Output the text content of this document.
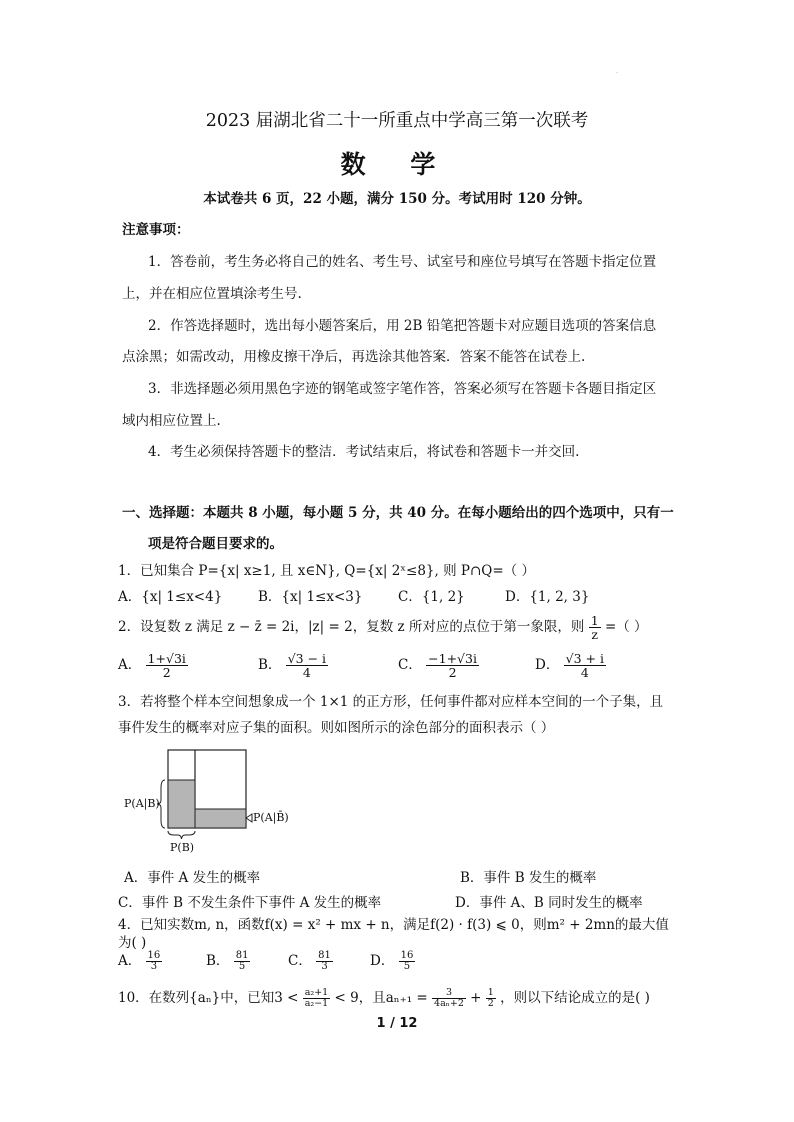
·
2023 届湖北省二十一所重点中学高三第一次联考
数 学
本试卷共 6 页，22 小题，满分 150 分。考试用时 120 分钟。
注意事项：
1．答卷前，考生务必将自己的姓名、考生号、试室号和座位号填写在答题卡指定位置
上，并在相应位置填涂考生号.
2．作答选择题时，选出每小题答案后，用 2B 铅笔把答题卡对应题目选项的答案信息
点涂黑；如需改动，用橡皮擦干净后，再选涂其他答案．答案不能答在试卷上.
3．非选择题必须用黑色字迹的钢笔或签字笔作答，答案必须写在答题卡各题目指定区
域内相应位置上.
4．考生必须保持答题卡的整洁．考试结束后，将试卷和答题卡一并交回.
一、选择题：本题共 8 小题，每小题 5 分，共 40 分。在每小题给出的四个选项中，只有一
项是符合题目要求的。
1．已知集合 P={x| x≥1, 且 x∈N}, Q={x| 2ˣ≤8}, 则 P∩Q=（ ）
A．{x| 1≤x<4}	B．{x| 1≤x<3}	C．{1, 2}	D．{1, 2, 3}
2．设复数 z 满足 z − z̄ = 2i，|z| = 2，复数 z 所对应的点位于第一象限，则 $\frac{1}{z}$ =（ ）
A． $\frac{1+√3i}{2}$	B． $\frac{√3 - i}{4}$	C． $\frac{-1+√3i}{2}$	D． $\frac{√3 + i}{4}$
3．若将整个样本空间想象成一个 1×1 的正方形，任何事件都对应样本空间的一个子集，且
事件发生的概率对应子集的面积。则如图所示的涂色部分的面积表示（ ）
P(A|B)
P(A|B̄)
P(B)
A．事件 A 发生的概率	B．事件 B 发生的概率
C．事件 B 不发生条件下事件 A 发生的概率	D．事件 A、B 同时发生的概率
4．已知实数m, n，函数f(x) = x² + mx + n，满足f(2) · f(3) ⩽ 0，则m² + 2mn的最大值
为( )
A． $\frac{16}{3}$	B． $\frac{81}{5}$	C． $\frac{81}{3}$	D． $\frac{16}{5}$
10．在数列{aₙ}中，已知$3 < \frac{\text{a₂+1}}{\text{a₂−1}} < 9$，且$a_{n+1} = \frac{3}{\text{4aₙ+2}} + \frac{1}{2}$ ，则以下结论成立的是( )
1 / 12
